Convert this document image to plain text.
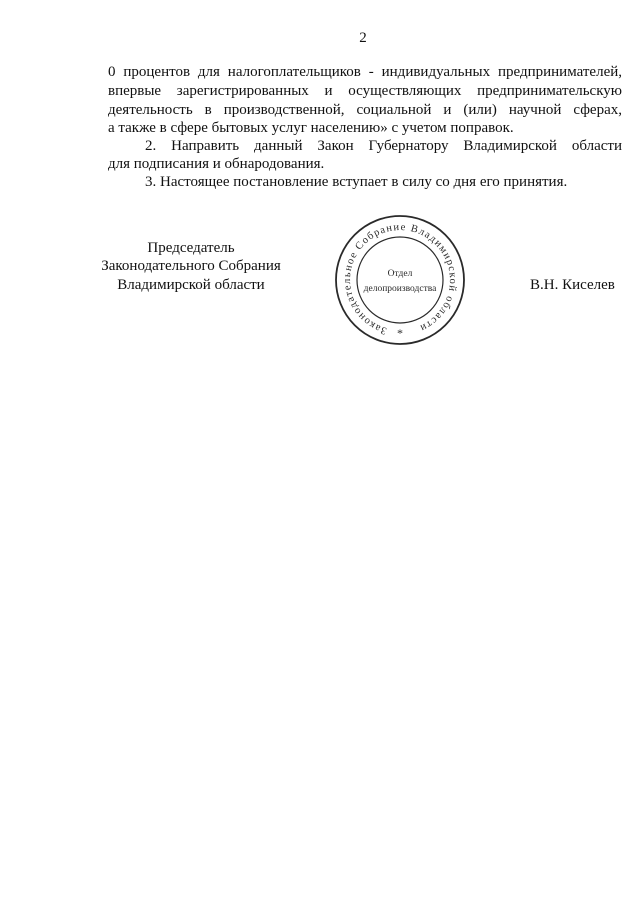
2
0 процентов для налогоплательщиков - индивидуальных предпринимателей,
впервые зарегистрированных и осуществляющих предпринимательскую
деятельность в производственной, социальной и (или) научной сферах,
а также в сфере бытовых услуг населению» с учетом поправок.
2. Направить данный Закон Губернатору Владимирской области
для подписания и обнародования.
3. Настоящее постановление вступает в силу со дня его принятия.
Председатель
Законодательного Собрания
Владимирской области
Законодательное Собрание Владимирской области
*
Отдел
делопроизводства	В.Н. Киселев
